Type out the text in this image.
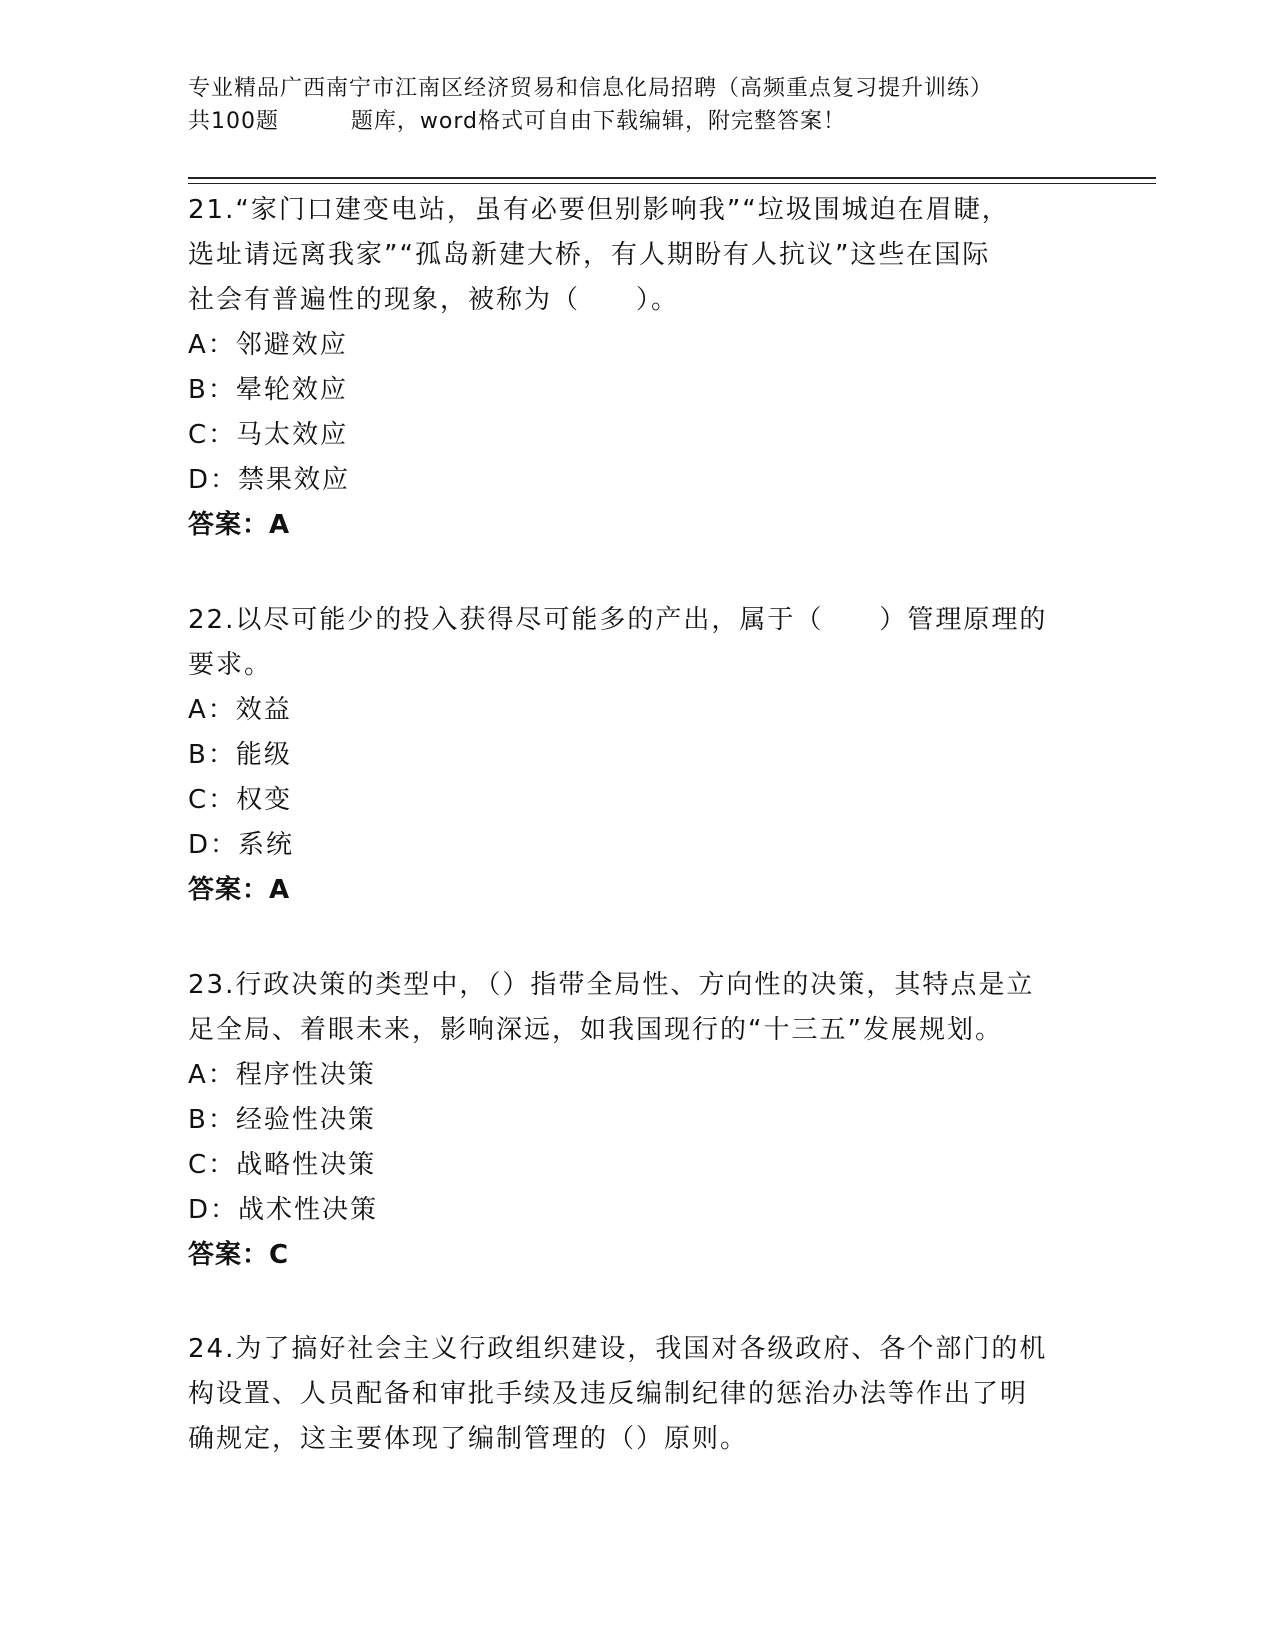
专业精品广西南宁市江南区经济贸易和信息化局招聘（高频重点复习提升训练）
共100题         题库，word格式可自由下载编辑，附完整答案！

21.“家门口建变电站，虽有必要但别影响我”“垃圾围城迫在眉睫，

选址请远离我家”“孤岛新建大桥，有人期盼有人抗议”这些在国际

社会有普遍性的现象，被称为（　　）。

A：邻避效应

B：晕轮效应

C：马太效应

D：禁果效应

答案：A

22.以尽可能少的投入获得尽可能多的产出，属于（　　）管理原理的

要求。

A：效益

B：能级

C：权变

D：系统

答案：A

23.行政决策的类型中，（）指带全局性、方向性的决策，其特点是立

足全局、着眼未来，影响深远，如我国现行的“十三五”发展规划。

A：程序性决策

B：经验性决策

C：战略性决策

D：战术性决策

答案：C

24.为了搞好社会主义行政组织建设，我国对各级政府、各个部门的机

构设置、人员配备和审批手续及违反编制纪律的惩治办法等作出了明

确规定，这主要体现了编制管理的（）原则。
